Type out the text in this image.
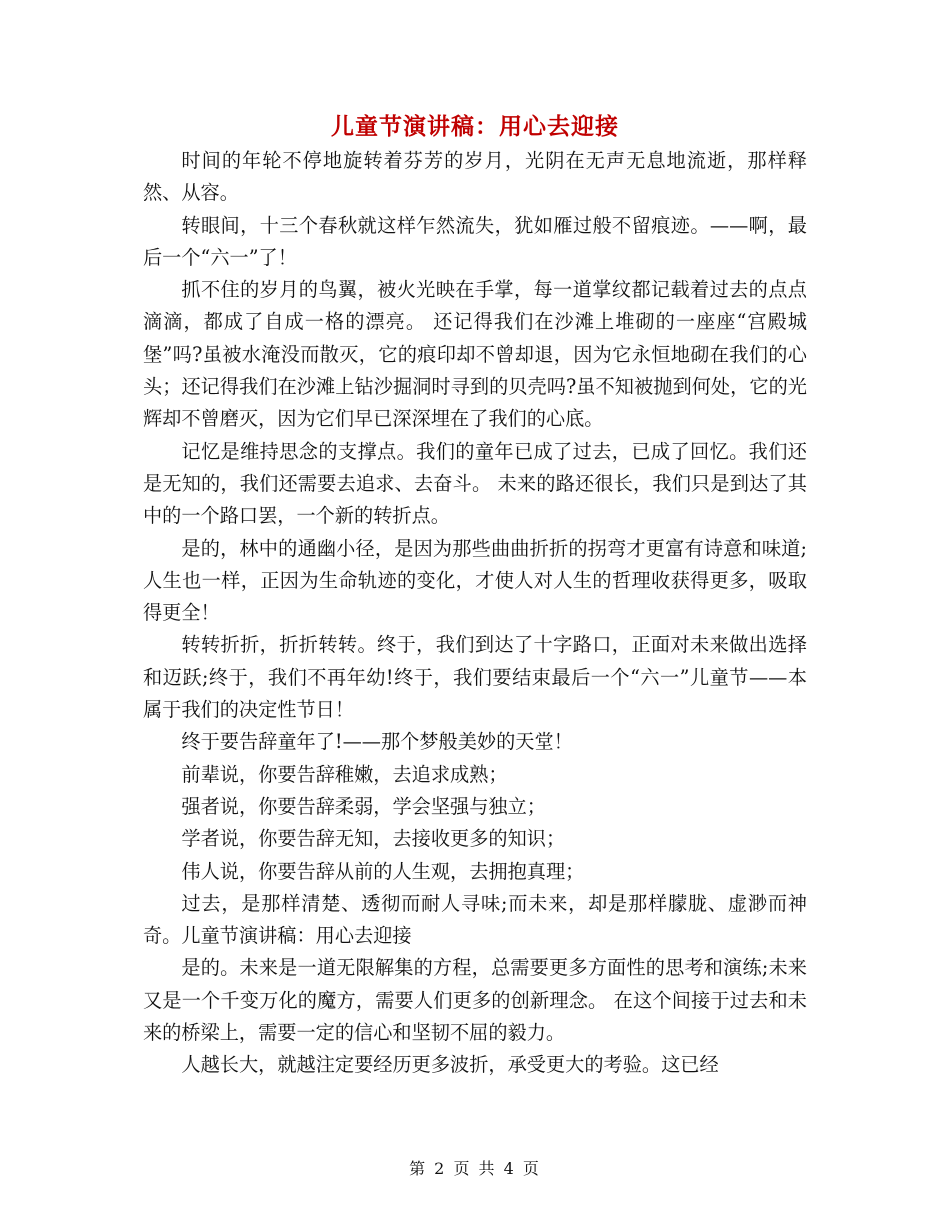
儿童节演讲稿：用心去迎接

时间的年轮不停地旋转着芬芳的岁月，光阴在无声无息地流逝，那样释然、从容。

转眼间，十三个春秋就这样乍然流失，犹如雁过般不留痕迹。——啊，最后一个“六一”了！

抓不住的岁月的鸟翼，被火光映在手掌，每一道掌纹都记载着过去的点点滴滴，都成了自成一格的漂亮。 还记得我们在沙滩上堆砌的一座座“宫殿城堡”吗?虽被水淹没而散灭，它的痕印却不曾却退，因为它永恒地砌在我们的心头；还记得我们在沙滩上钻沙掘洞时寻到的贝壳吗?虽不知被抛到何处，它的光辉却不曾磨灭，因为它们早已深深埋在了我们的心底。

记忆是维持思念的支撑点。我们的童年已成了过去，已成了回忆。我们还是无知的，我们还需要去追求、去奋斗。 未来的路还很长，我们只是到达了其中的一个路口罢，一个新的转折点。

是的，林中的通幽小径，是因为那些曲曲折折的拐弯才更富有诗意和味道;人生也一样，正因为生命轨迹的变化，才使人对人生的哲理收获得更多，吸取得更全！

转转折折，折折转转。终于，我们到达了十字路口，正面对未来做出选择和迈跃;终于，我们不再年幼!终于，我们要结束最后一个“六一”儿童节——本属于我们的决定性节日！

终于要告辞童年了!——那个梦般美妙的天堂！

前辈说，你要告辞稚嫩，去追求成熟；

强者说，你要告辞柔弱，学会坚强与独立；

学者说，你要告辞无知，去接收更多的知识；

伟人说，你要告辞从前的人生观，去拥抱真理；

过去，是那样清楚、透彻而耐人寻味;而未来，却是那样朦胧、虚渺而神奇。儿童节演讲稿：用心去迎接

是的。未来是一道无限解集的方程，总需要更多方面性的思考和演练;未来又是一个千变万化的魔方，需要人们更多的创新理念。 在这个间接于过去和未来的桥梁上，需要一定的信心和坚韧不屈的毅力。

人越长大，就越注定要经历更多波折，承受更大的考验。这已经

第 2 页 共 4 页
